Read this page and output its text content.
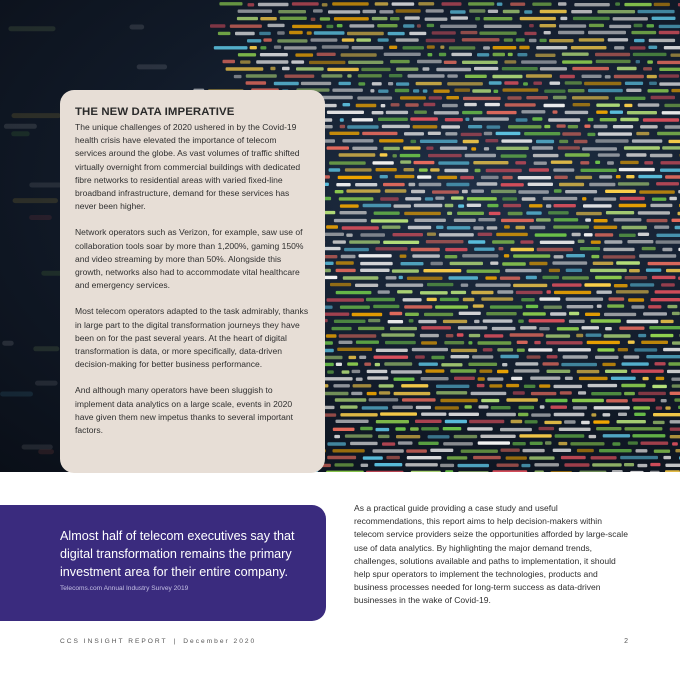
THE NEW DATA IMPERATIVE

The unique challenges of 2020 ushered in by the Covid-19 health crisis have elevated the importance of telecom services around the globe. As vast volumes of traffic shifted virtually overnight from commercial buildings with dedicated fibre networks to residential areas with varied fixed-line broadband infrastructure, demand for these services has never been higher.

Network operators such as Verizon, for example, saw use of collaboration tools soar by more than 1,200%, gaming 150% and video streaming by more than 50%. Alongside this growth, networks also had to accommodate vital healthcare and emergency services.

Most telecom operators adapted to the task admirably, thanks in large part to the digital transformation journeys they have been on for the past several years. At the heart of digital transformation is data, or more specifically, data-driven decision-making for better business performance.

And although many operators have been sluggish to implement data analytics on a large scale, events in 2020 have given them new impetus thanks to several important factors.

Almost half of telecom executives say that digital transformation remains the primary investment area for their entire company.
Telecoms.com Annual Industry Survey 2019
As a practical guide providing a case study and useful recommendations, this report aims to help decision-makers within telecom service providers seize the opportunities afforded by large-scale use of data analytics. By highlighting the major demand trends, challenges, solutions available and paths to implementation, it should help spur operators to implement the technologies, products and business processes needed for long-term success as data-driven businesses in the wake of Covid-19.
CCS INSIGHT REPORT | December 2020	2
